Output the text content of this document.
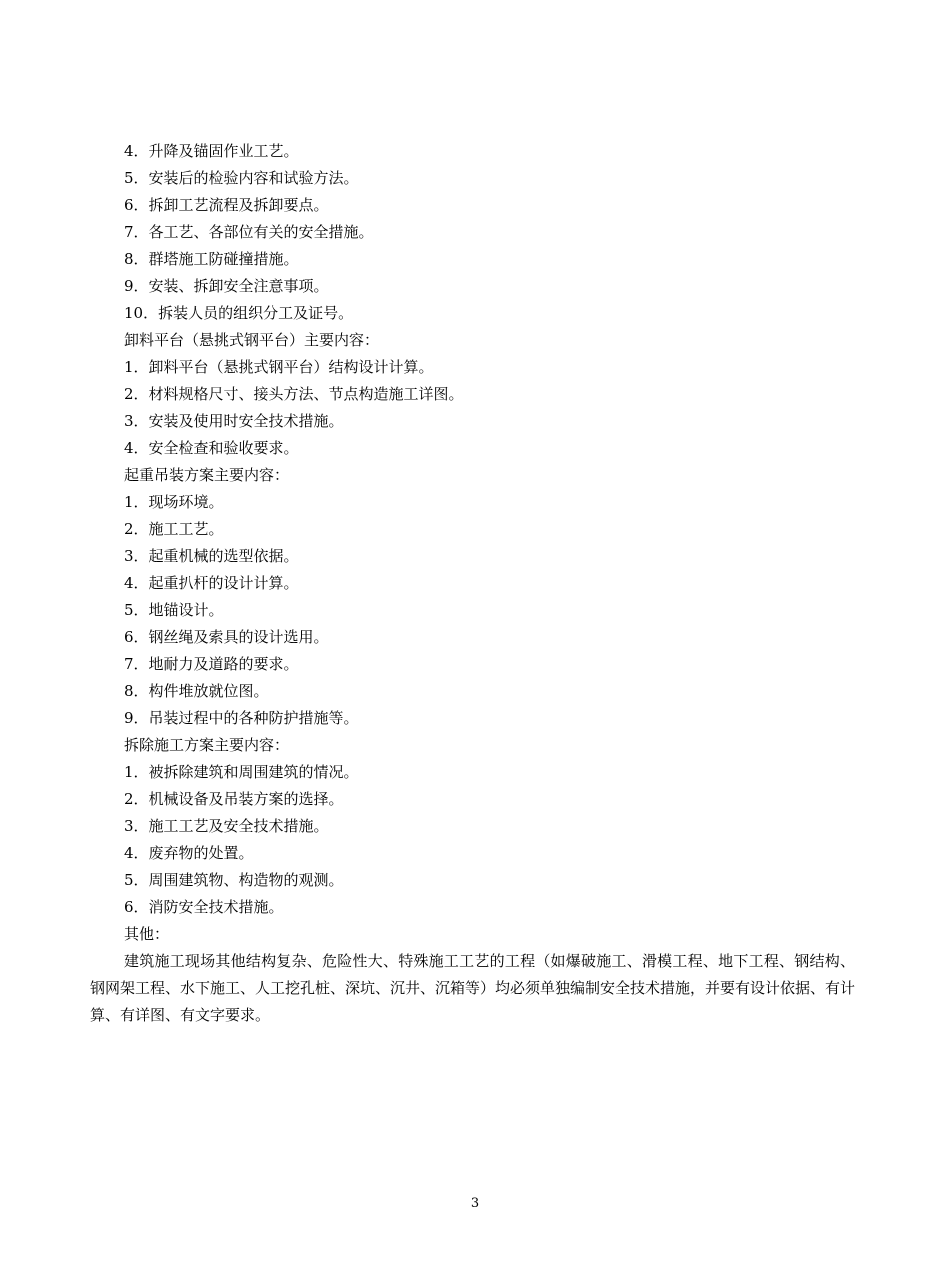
4．升降及锚固作业工艺。
5．安装后的检验内容和试验方法。
6．拆卸工艺流程及拆卸要点。
7．各工艺、各部位有关的安全措施。
8．群塔施工防碰撞措施。
9．安装、拆卸安全注意事项。
10．拆装人员的组织分工及证号。
卸料平台（悬挑式钢平台）主要内容：
1．卸料平台（悬挑式钢平台）结构设计计算。
2．材料规格尺寸、接头方法、节点构造施工详图。
3．安装及使用时安全技术措施。
4．安全检查和验收要求。
起重吊装方案主要内容：
1．现场环境。
2．施工工艺。
3．起重机械的选型依据。
4．起重扒杆的设计计算。
5．地锚设计。
6．钢丝绳及索具的设计选用。
7．地耐力及道路的要求。
8．构件堆放就位图。
9．吊装过程中的各种防护措施等。
拆除施工方案主要内容：
1．被拆除建筑和周围建筑的情况。
2．机械设备及吊装方案的选择。
3．施工工艺及安全技术措施。
4．废弃物的处置。
5．周围建筑物、构造物的观测。
6．消防安全技术措施。
其他：
建筑施工现场其他结构复杂、危险性大、特殊施工工艺的工程（如爆破施工、滑模工程、地下工程、钢结构、钢网架工程、水下施工、人工挖孔桩、深坑、沉井、沉箱等）均必须单独编制安全技术措施，并要有设计依据、有计算、有详图、有文字要求。
3
